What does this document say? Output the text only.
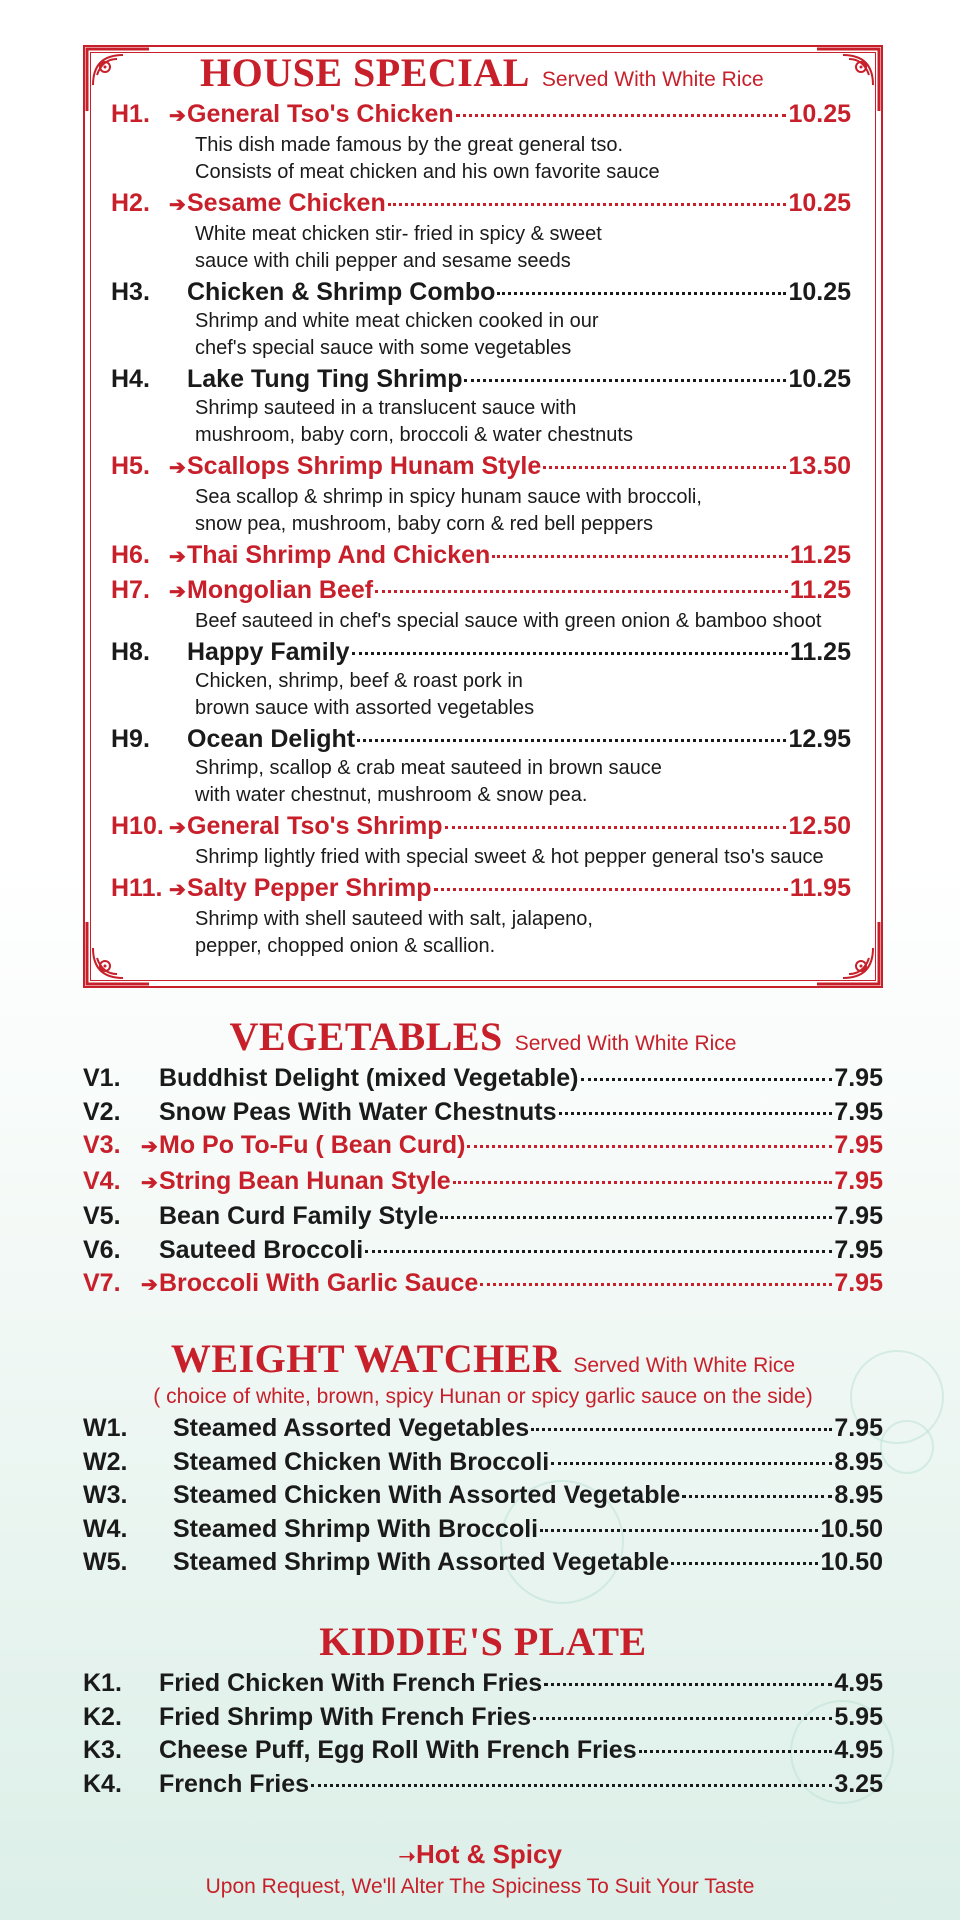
HOUSE SPECIAL Served With White Rice
H1. ➔ General Tso's Chicken	10.25
This dish made famous by the great general tso.
Consists of meat chicken and his own favorite sauce
H2. ➔ Sesame Chicken	10.25
White meat chicken stir- fried in spicy & sweet
sauce with chili pepper and sesame seeds
H3.	Chicken & Shrimp Combo	10.25
Shrimp and white meat chicken cooked in our
chef's special sauce with some vegetables
H4.	Lake Tung Ting Shrimp	10.25
Shrimp sauteed in a translucent sauce with
mushroom, baby corn, broccoli & water chestnuts
H5. ➔ Scallops Shrimp Hunam Style	13.50
Sea scallop & shrimp in spicy hunam sauce with broccoli,
snow pea, mushroom, baby corn & red bell peppers
H6. ➔ Thai Shrimp And Chicken	11.25
H7. ➔ Mongolian Beef	11.25
Beef sauteed in chef's special sauce with green onion & bamboo shoot
H8.	Happy Family	11.25
Chicken, shrimp, beef & roast pork in
brown sauce with assorted vegetables
H9.	Ocean Delight	12.95
Shrimp, scallop & crab meat sauteed in brown sauce
with water chestnut, mushroom & snow pea.
H10. ➔ General Tso's Shrimp	12.50
Shrimp lightly fried with special sweet & hot pepper general tso's sauce
H11. ➔ Salty Pepper Shrimp	11.95
Shrimp with shell sauteed with salt, jalapeno,
pepper, chopped onion & scallion.
VEGETABLES Served With White Rice
V1.	Buddhist Delight (mixed Vegetable)	7.95
V2.	Snow Peas With Water Chestnuts	7.95
V3.	➔ Mo Po To-Fu ( Bean Curd)	7.95
V4.	➔ String Bean Hunan Style	7.95
V5.	Bean Curd Family Style	7.95
V6.	Sauteed Broccoli	7.95
V7.	➔ Broccoli With Garlic Sauce	7.95
WEIGHT WATCHER Served With White Rice
( choice of white, brown, spicy Hunan or spicy garlic sauce on the side)
W1.	Steamed Assorted Vegetables	7.95
W2.	Steamed Chicken With Broccoli	8.95
W3.	Steamed Chicken With Assorted Vegetable	8.95
W4.	Steamed Shrimp With Broccoli	10.50
W5.	Steamed Shrimp With Assorted Vegetable	10.50
KIDDIE'S PLATE
K1.	Fried Chicken With French Fries	4.95
K2.	Fried Shrimp With French Fries	5.95
K3.	Cheese Puff, Egg Roll With French Fries	4.95
K4.	French Fries	3.25
➝Hot & Spicy
Upon Request, We'll Alter The Spiciness To Suit Your Taste
